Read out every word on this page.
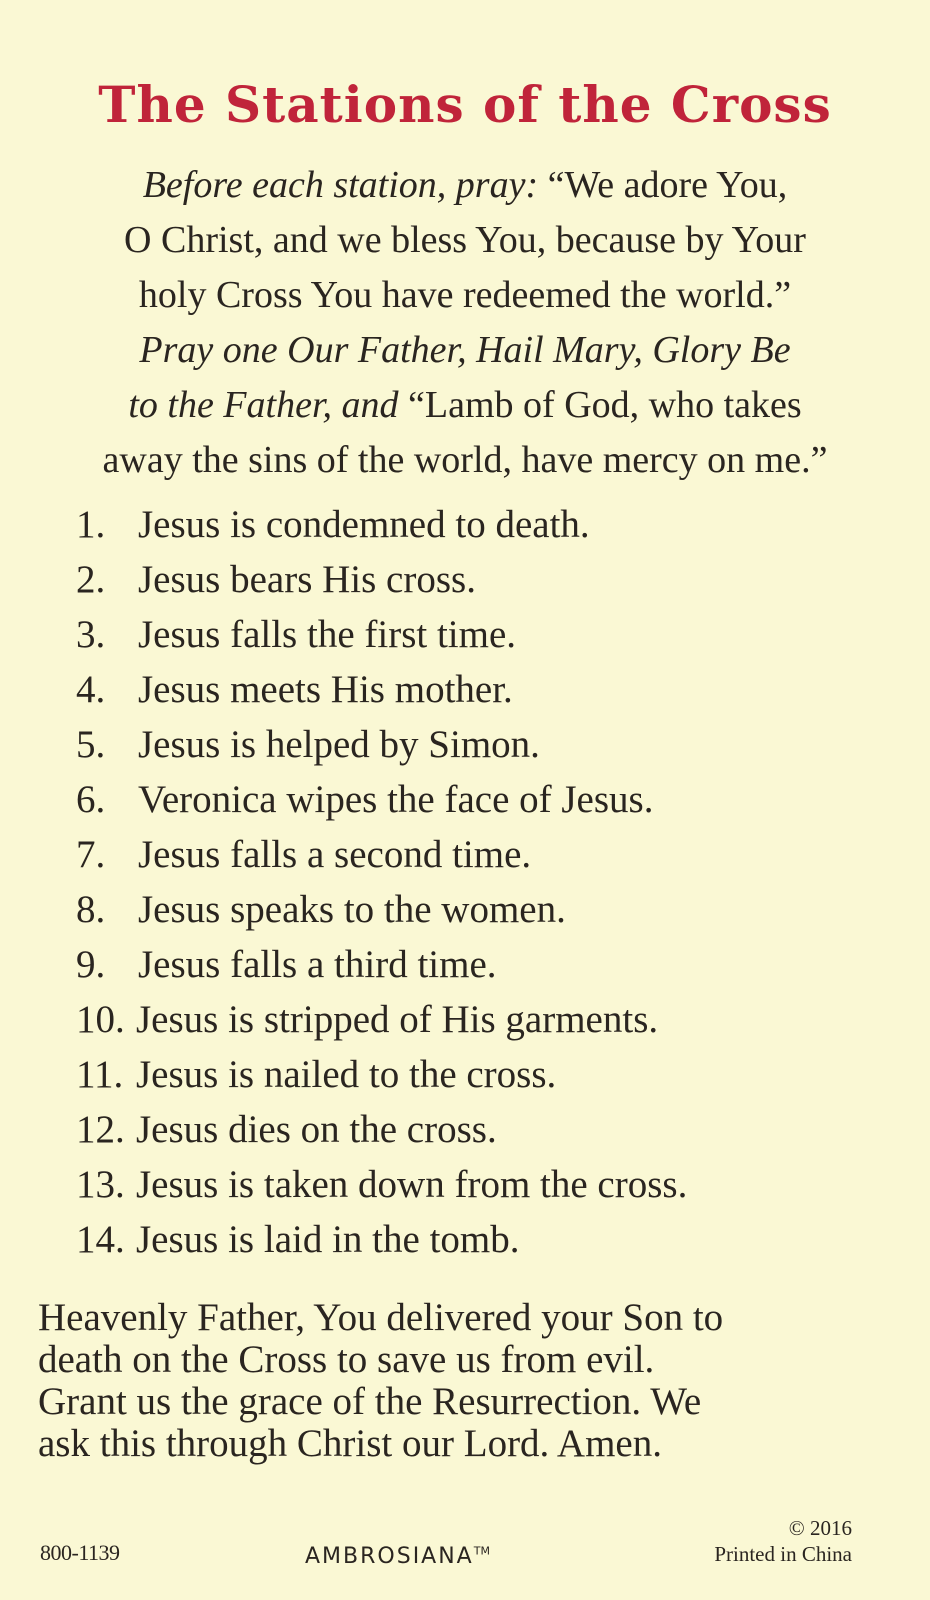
The Stations of the Cross
Before each station, pray: “We adore You,
O Christ, and we bless You, because by Your
holy Cross You have redeemed the world.”
Pray one Our Father, Hail Mary, Glory Be
to the Father, and “Lamb of God, who takes
away the sins of the world, have mercy on me.”
1. Jesus is condemned to death.
2. Jesus bears His cross.
3. Jesus falls the first time.
4. Jesus meets His mother.
5. Jesus is helped by Simon.
6. Veronica wipes the face of Jesus.
7. Jesus falls a second time.
8. Jesus speaks to the women.
9. Jesus falls a third time.
10. Jesus is stripped of His garments.
11. Jesus is nailed to the cross.
12. Jesus dies on the cross.
13. Jesus is taken down from the cross.
14. Jesus is laid in the tomb.
Heavenly Father, You delivered your Son to
death on the Cross to save us from evil.
Grant us the grace of the Resurrection. We
ask this through Christ our Lord. Amen.
800-1139	AMBROSIANA™
© 2016
Printed in China
